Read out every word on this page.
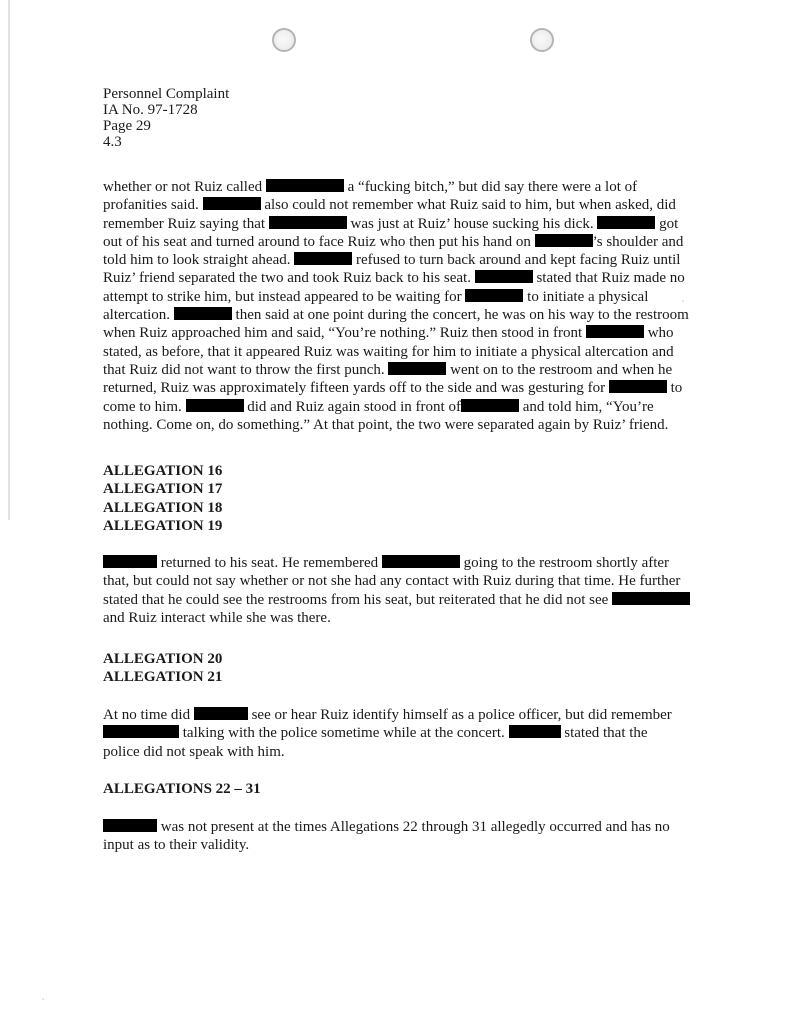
Personnel Complaint
IA No. 97-1728
Page 29
4.3
whether or not Ruiz called	a “fucking bitch,” but did say there were a lot of
profanities said.	also could not remember what Ruiz said to him, but when asked, did
remember Ruiz saying that	was just at Ruiz’ house sucking his dick.	got
out of his seat and turned around to face Ruiz who then put his hand on	’s shoulder and
told him to look straight ahead.	refused to turn back around and kept facing Ruiz until
Ruiz’ friend separated the two and took Ruiz back to his seat.	stated that Ruiz made no
attempt to strike him, but instead appeared to be waiting for	to initiate a physical
altercation.	then said at one point during the concert, he was on his way to the restroom
when Ruiz approached him and said, “You’re nothing.” Ruiz then stood in front	who
stated, as before, that it appeared Ruiz was waiting for him to initiate a physical altercation and
that Ruiz did not want to throw the first punch.	went on to the restroom and when he
returned, Ruiz was approximately fifteen yards off to the side and was gesturing for	to
come to him.	did and Ruiz again stood in front of	and told him, “You’re
nothing. Come on, do something.” At that point, the two were separated again by Ruiz’ friend.
ALLEGATION 16
ALLEGATION 17
ALLEGATION 18
ALLEGATION 19
returned to his seat. He remembered	going to the restroom shortly after
that, but could not say whether or not she had any contact with Ruiz during that time. He further
stated that he could see the restrooms from his seat, but reiterated that he did not see
and Ruiz interact while she was there.
ALLEGATION 20
ALLEGATION 21
At no time did	see or hear Ruiz identify himself as a police officer, but did remember
talking with the police sometime while at the concert.	stated that the
police did not speak with him.
ALLEGATIONS 22 – 31
was not present at the times Allegations 22 through 31 allegedly occurred and has no
input as to their validity.
